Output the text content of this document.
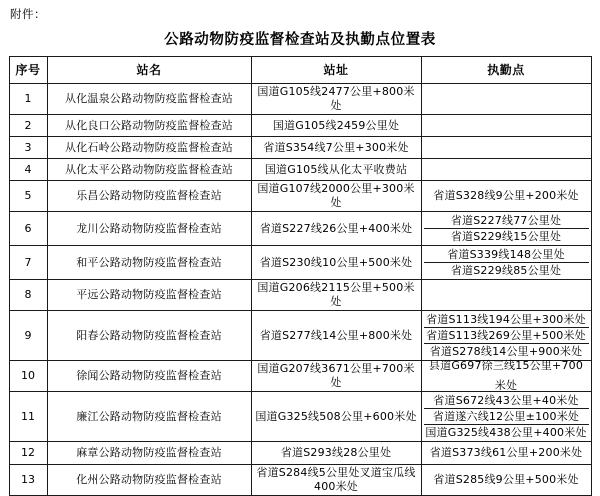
附件：
公路动物防疫监督检查站及执勤点位置表
序号	站名	站址	执勤点
1	从化温泉公路动物防疫监督检查站	国道G105线2477公里+800米处	

2	从化良口公路动物防疫监督检查站	国道G105线2459公里处	

3	从化石岭公路动物防疫监督检查站	省道S354线7公里+300米处	

4	从化太平公路动物防疫监督检查站	国道G105线从化太平收费站	

5	乐昌公路动物防疫监督检查站	国道G107线2000公里+300米处	省道S328线9公里+200米处

6	龙川公路动物防疫监督检查站	省道S227线26公里+400米处	省道S227线77公里处
省道S229线15公里处

7	和平公路动物防疫监督检查站	省道S230线10公里+500米处	省道S339线148公里处
省道S229线85公里处

8	平远公路动物防疫监督检查站	国道G206线2115公里+500米处	

9	阳春公路动物防疫监督检查站	省道S277线14公里+800米处	省道S113线194公里+300米处
省道S113线269公里+500米处
省道S278线14公里+900米处

10	徐闻公路动物防疫监督检查站	国道G207线3671公里+700米处	县道G697徐三线15公里+700米处

11	廉江公路动物防疫监督检查站	国道G325线508公里+600米处	省道S672线43公里+40米处
省道遂六线12公里±100米处
国道G325线438公里+400米处

12	麻章公路动物防疫监督检查站	省道S293线28公里处	省道S373线61公里+200米处

13	化州公路动物防疫监督检查站	省道S284线5公里处叉道宝瓜线400米处	省道S285线9公里+500米处
